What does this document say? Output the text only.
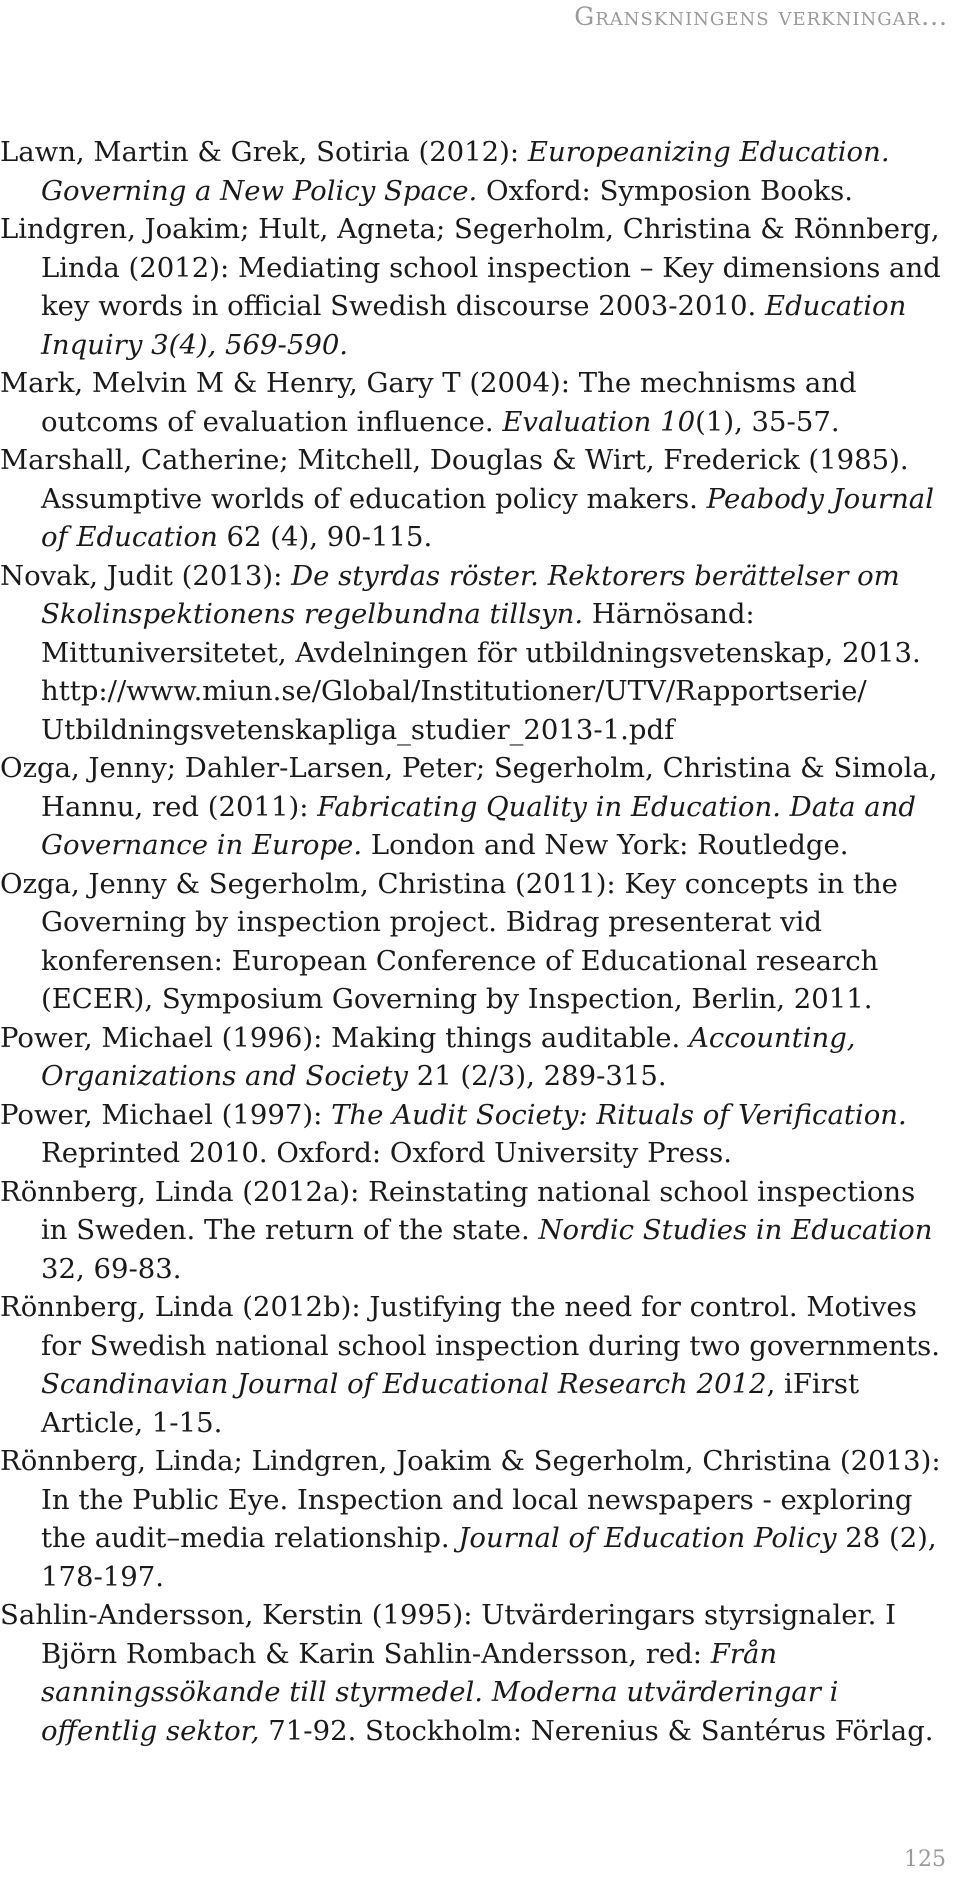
Granskningens verkningar...
Lawn, Martin & Grek, Sotiria (2012): Europeanizing Education. Governing a New Policy Space. Oxford: Symposion Books.
Lindgren, Joakim; Hult, Agneta; Segerholm, Christina & Rönnberg, Linda (2012): Mediating school inspection – Key dimensions and key words in official Swedish discourse 2003-2010. Education Inquiry 3(4), 569-590.
Mark, Melvin M & Henry, Gary T (2004): The mechnisms and outcoms of evaluation influence. Evaluation 10(1), 35-57.
Marshall, Catherine; Mitchell, Douglas & Wirt, Frederick (1985). Assumptive worlds of education policy makers. Peabody Journal of Education 62 (4), 90-115.
Novak, Judit (2013): De styrdas röster. Rektorers berättelser om Skolinspektionens regelbundna tillsyn. Härnösand: Mittuniversitetet, Avdelningen för utbildningsvetenskap, 2013. http://www.miun.se/Global/Institutioner/UTV/Rapportserie/ Utbildningsvetenskapliga_studier_2013-1.pdf
Ozga, Jenny; Dahler-Larsen, Peter; Segerholm, Christina & Simola, Hannu, red (2011): Fabricating Quality in Education. Data and Governance in Europe. London and New York: Routledge.
Ozga, Jenny & Segerholm, Christina (2011): Key concepts in the Governing by inspection project. Bidrag presenterat vid konferensen: European Conference of Educational research (ECER), Symposium Governing by Inspection, Berlin, 2011.
Power, Michael (1996): Making things auditable. Accounting, Organizations and Society 21 (2/3), 289-315.
Power, Michael (1997): The Audit Society: Rituals of Verification. Reprinted 2010. Oxford: Oxford University Press.
Rönnberg, Linda (2012a): Reinstating national school inspections in Sweden. The return of the state. Nordic Studies in Education 32, 69-83.
Rönnberg, Linda (2012b): Justifying the need for control. Motives for Swedish national school inspection during two governments. Scandinavian Journal of Educational Research 2012, iFirst Article, 1-15.
Rönnberg, Linda; Lindgren, Joakim & Segerholm, Christina (2013): In the Public Eye. Inspection and local newspapers - exploring the audit–media relationship. Journal of Education Policy 28 (2), 178-197.
Sahlin-Andersson, Kerstin (1995): Utvärderingars styrsignaler. I Björn Rombach & Karin Sahlin-Andersson, red: Från sanningssökande till styrmedel. Moderna utvärderingar i offentlig sektor, 71-92. Stockholm: Nerenius & Santérus Förlag.
125
